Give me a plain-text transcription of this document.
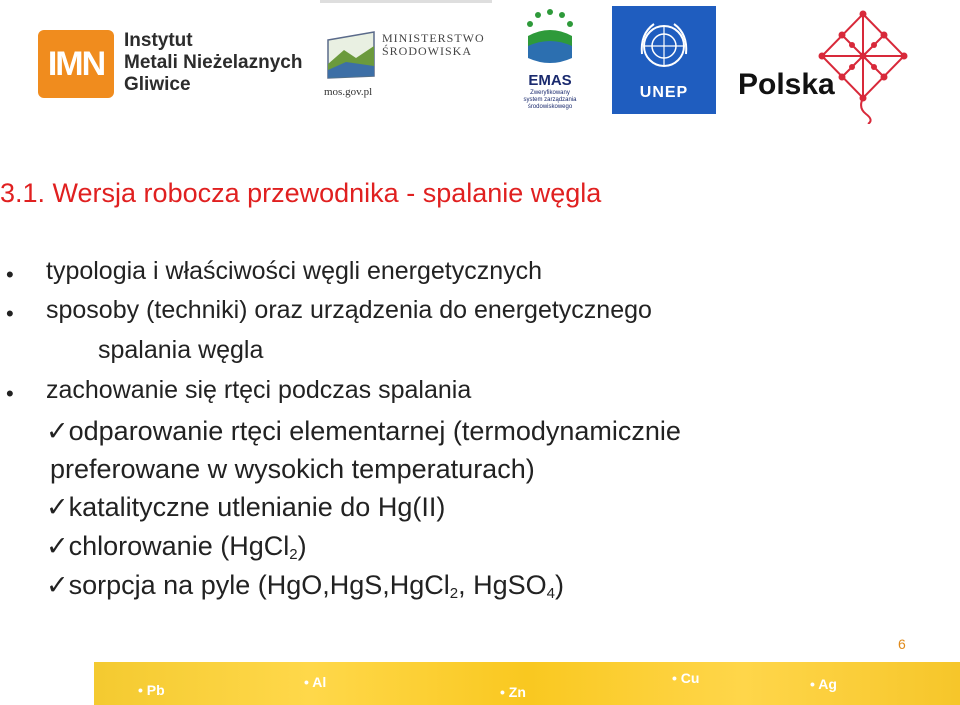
IMN
Instytut
Metali Nieżelaznych
Gliwice
MINISTERSTWO
ŚRODOWISKA
mos.gov.pl
EMAS
Zweryfikowany
system zarządzania
środowiskowego
UNEP	Polska
3.1. Wersja robocza przewodnika - spalanie węgla
• typologia i właściwości węgli energetycznych
• sposoby (techniki) oraz urządzenia do energetycznego
spalania węgla
• zachowanie się rtęci podczas spalania
✓odparowanie rtęci elementarnej (termodynamicznie
preferowane w wysokich temperaturach)
✓katalityczne utlenianie do Hg(II)
✓chlorowanie (HgCl$_2$)
✓sorpcja na pyle (HgO,HgS,HgCl$_2$, HgSO$_4$)
6
• Pb	• Al
• Zn
• Cu	• Ag
